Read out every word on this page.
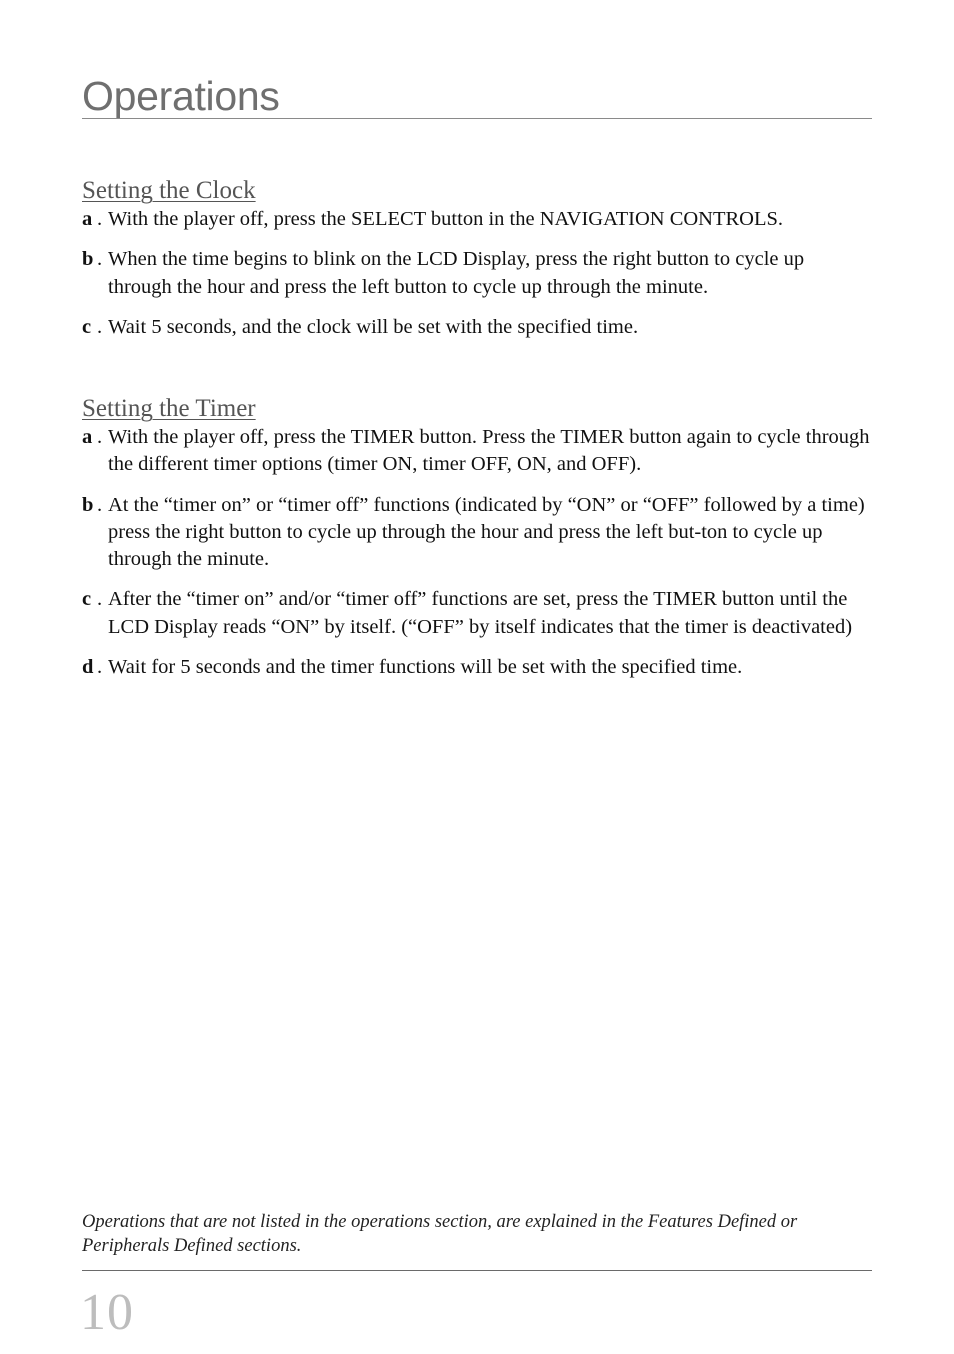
Operations
Setting the Clock
a . With the player off, press the SELECT button in the NAVIGATION CONTROLS.
b . When the time begins to blink on the LCD Display, press the right button to cycle up through the hour and press the left button to cycle up through the minute.
c . Wait 5 seconds, and the clock will be set with the specified time.
Setting the Timer
a . With the player off, press the TIMER button. Press the TIMER button again to cycle through the different timer options (timer ON, timer OFF, ON, and OFF).
b . At the “timer on” or “timer off” functions (indicated by “ON” or “OFF” followed by a time) press the right button to cycle up through the hour and press the left but-ton to cycle up through the minute.
c . After the “timer on” and/or “timer off” functions are set, press the TIMER button until the LCD Display reads “ON” by itself. (“OFF” by itself indicates that the timer is deactivated)
d . Wait for 5 seconds and the timer functions will be set with the specified time.

Operations that are not listed in the operations section, are explained in the Features Defined or Peripherals Defined sections.

10
